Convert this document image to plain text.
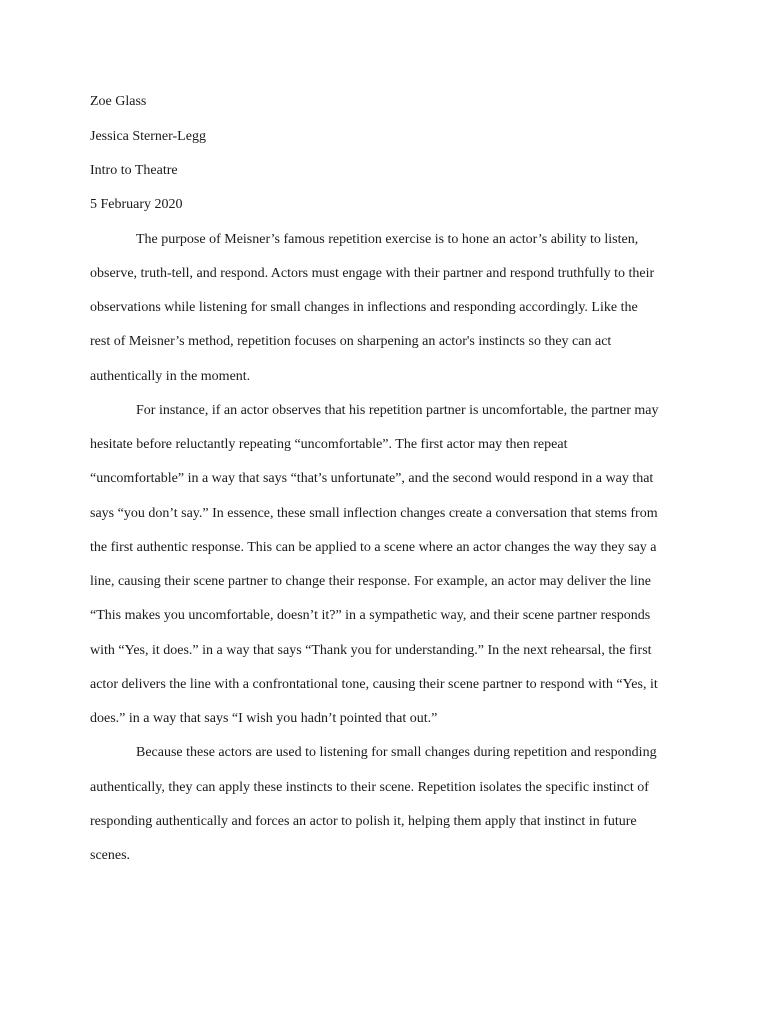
Zoe Glass
Jessica Sterner-Legg
Intro to Theatre
5 February 2020
The purpose of Meisner’s famous repetition exercise is to hone an actor’s ability to listen,
observe, truth-tell, and respond. Actors must engage with their partner and respond truthfully to their
observations while listening for small changes in inflections and responding accordingly. Like the
rest of Meisner’s method, repetition focuses on sharpening an actor's instincts so they can act
authentically in the moment.
For instance, if an actor observes that his repetition partner is uncomfortable, the partner may
hesitate before reluctantly repeating “uncomfortable”. The first actor may then repeat
“uncomfortable” in a way that says “that’s unfortunate”, and the second would respond in a way that
says “you don’t say.” In essence, these small inflection changes create a conversation that stems from
the first authentic response. This can be applied to a scene where an actor changes the way they say a
line, causing their scene partner to change their response. For example, an actor may deliver the line
“This makes you uncomfortable, doesn’t it?” in a sympathetic way, and their scene partner responds
with “Yes, it does.” in a way that says “Thank you for understanding.” In the next rehearsal, the first
actor delivers the line with a confrontational tone, causing their scene partner to respond with “Yes, it
does.” in a way that says “I wish you hadn’t pointed that out.”
Because these actors are used to listening for small changes during repetition and responding
authentically, they can apply these instincts to their scene. Repetition isolates the specific instinct of
responding authentically and forces an actor to polish it, helping them apply that instinct in future
scenes.
